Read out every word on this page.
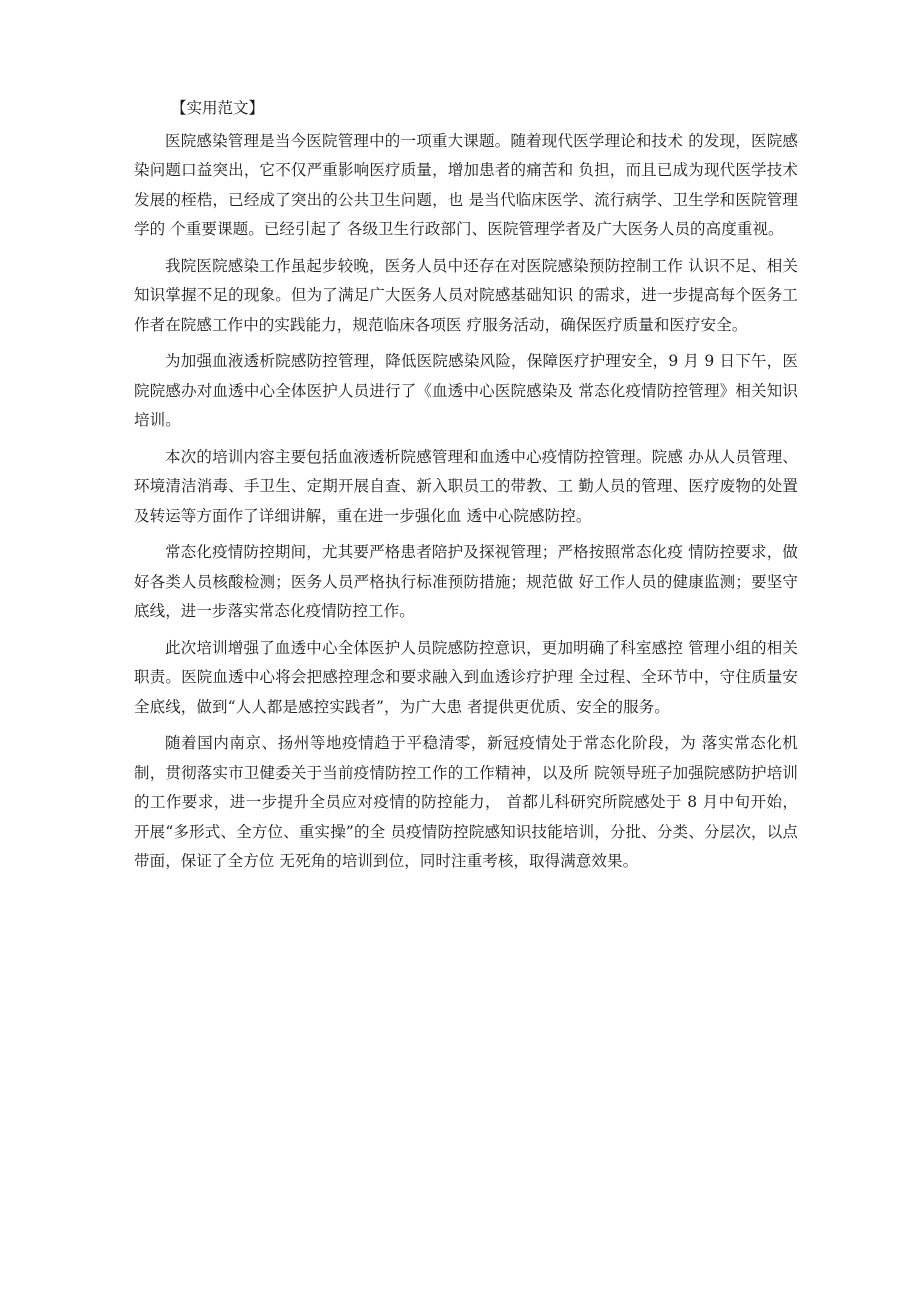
【实用范文】

医院感染管理是当今医院管理中的一项重大课题。随着现代医学理论和技术 的发现，医院感染问题口益突出，它不仅严重影响医疗质量，增加患者的痛苦和 负担，而且已成为现代医学技术发展的桎梏，已经成了突出的公共卫生问题，也 是当代临床医学、流行病学、卫生学和医院管理学的 个重要课题。已经引起了 各级卫生行政部门、医院管理学者及广大医务人员的高度重视。

我院医院感染工作虽起步较晚，医务人员中还存在对医院感染预防控制工作 认识不足、相关知识掌握不足的现象。但为了满足广大医务人员对院感基础知识 的需求，进一步提高每个医务工作者在院感工作中的实践能力，规范临床各项医 疗服务活动，确保医疗质量和医疗安全。

为加强血液透析院感防控管理，降低医院感染风险，保障医疗护理安全，9 月 9 日下午，医院院感办对血透中心全体医护人员进行了《血透中心医院感染及 常态化疫情防控管理》相关知识培训。

本次的培训内容主要包括血液透析院感管理和血透中心疫情防控管理。院感 办从人员管理、环境清洁消毒、手卫生、定期开展自查、新入职员工的带教、工 勤人员的管理、医疗废物的处置及转运等方面作了详细讲解，重在进一步强化血 透中心院感防控。

常态化疫情防控期间，尤其要严格患者陪护及探视管理；严格按照常态化疫 情防控要求，做好各类人员核酸检测；医务人员严格执行标准预防措施；规范做 好工作人员的健康监测；要坚守底线，进一步落实常态化疫情防控工作。

此次培训增强了血透中心全体医护人员院感防控意识，更加明确了科室感控 管理小组的相关职责。医院血透中心将会把感控理念和要求融入到血透诊疗护理 全过程、全环节中，守住质量安全底线，做到“人人都是感控实践者”，为广大患 者提供更优质、安全的服务。

随着国内南京、扬州等地疫情趋于平稳清零，新冠疫情处于常态化阶段，为 落实常态化机制，贯彻落实市卫健委关于当前疫情防控工作的工作精神，以及所 院领导班子加强院感防护培训的工作要求，进一步提升全员应对疫情的防控能力， 首都儿科研究所院感处于 8 月中旬开始，开展“多形式、全方位、重实操”的全 员疫情防控院感知识技能培训，分批、分类、分层次，以点带面，保证了全方位 无死角的培训到位，同时注重考核，取得满意效果。
